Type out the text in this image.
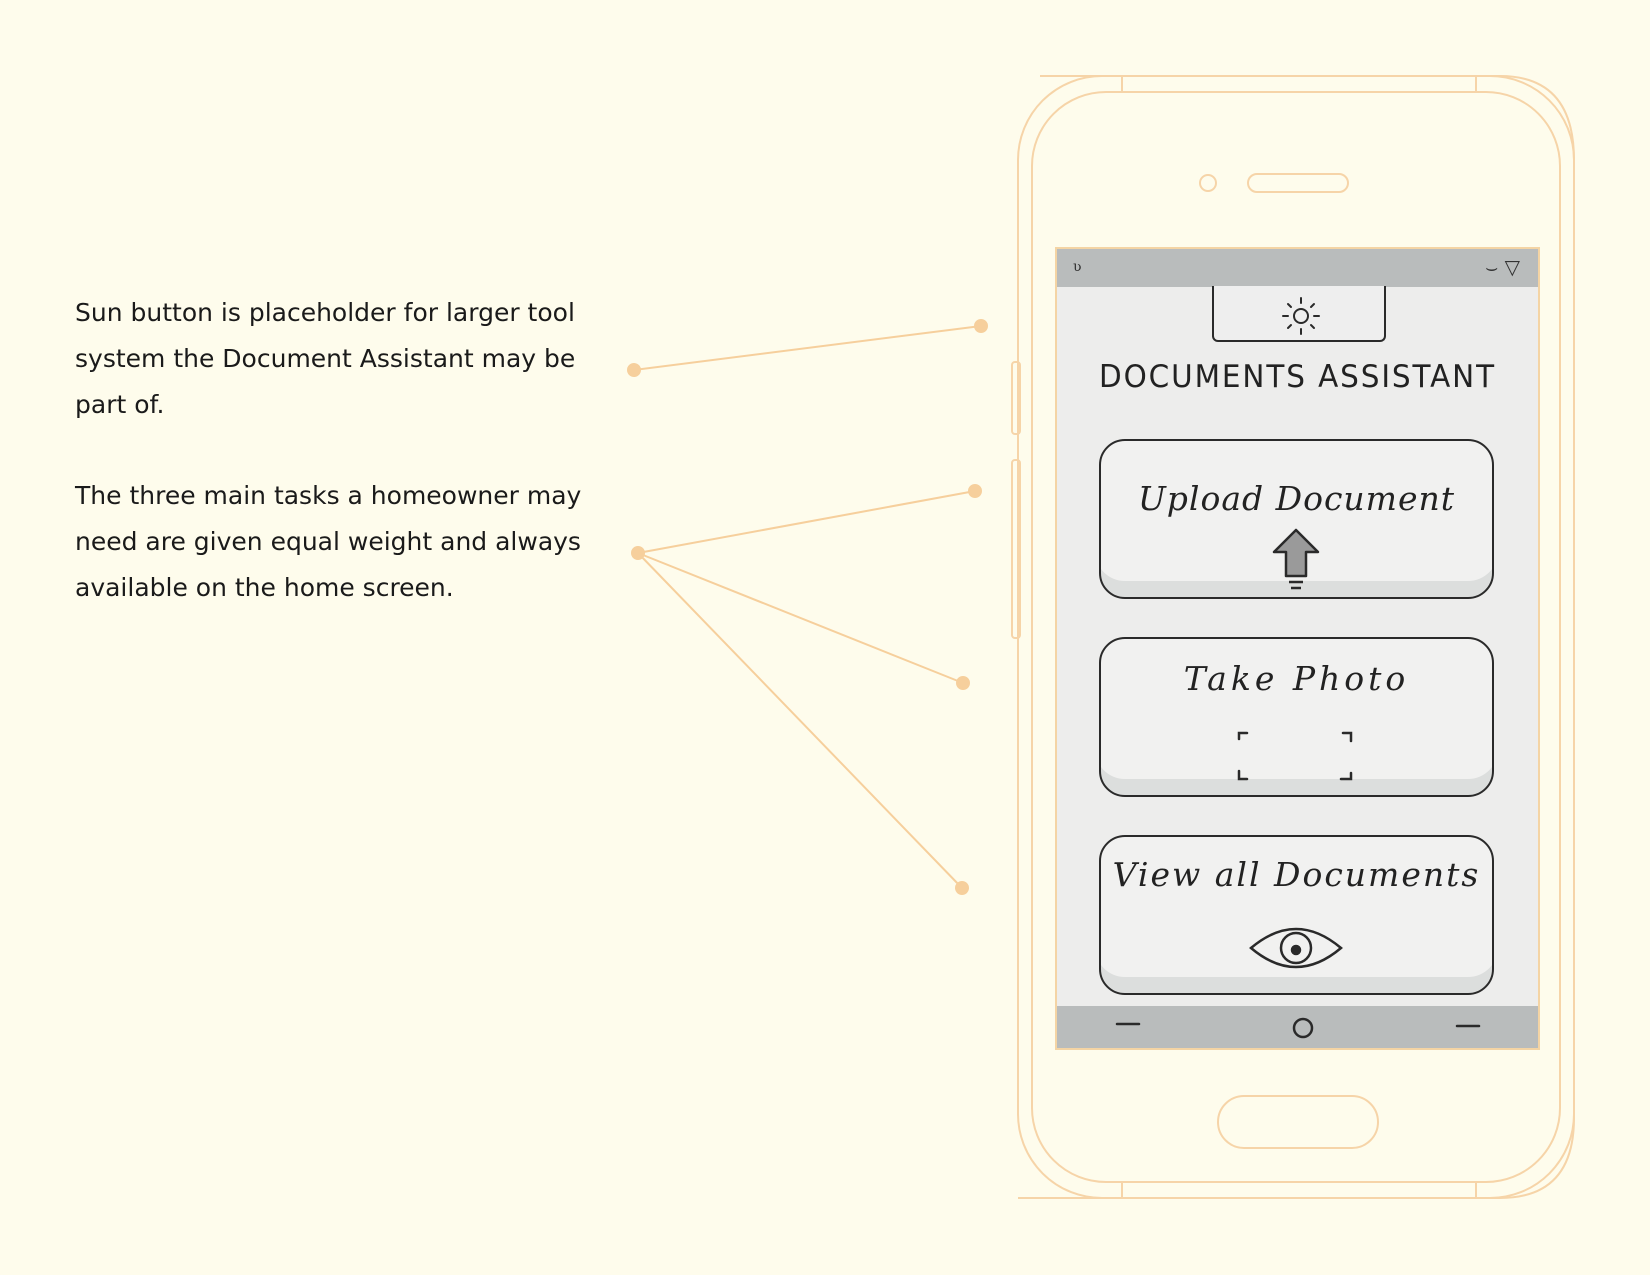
Sun button is placeholder for larger tool system the Document Assistant may be part of.

The three main tasks a homeowner may need are given equal weight and always available on the home screen.

ʋ	⌣ ▽
DOCUMENTS ASSISTANT
Upload Document
Take Photo
View all Documents
